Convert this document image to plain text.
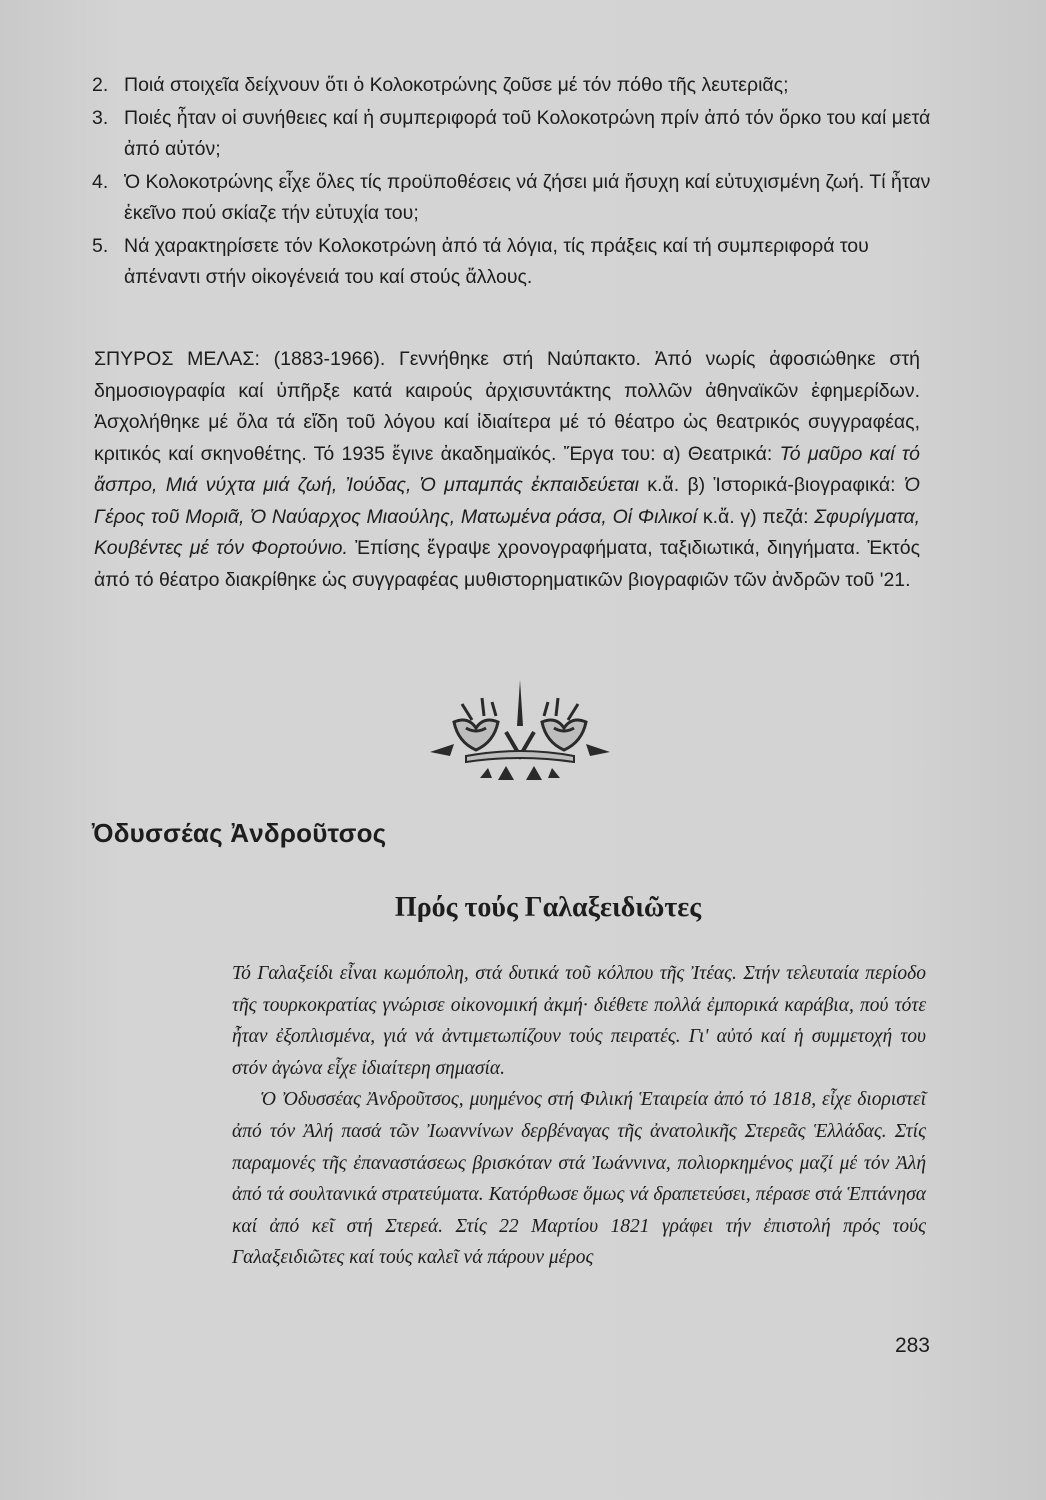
2. Ποιά στοιχεῖα δείχνουν ὅτι ὁ Κολοκοτρώνης ζοῦσε μέ τόν πόθο τῆς λευτεριᾶς;
3. Ποιές ἦταν οἱ συνήθειες καί ἡ συμπεριφορά τοῦ Κολοκοτρώνη πρίν ἀπό τόν ὅρκο του καί μετά ἀπό αὐτόν;
4. Ὁ Κολοκοτρώνης εἶχε ὅλες τίς προϋποθέσεις νά ζήσει μιά ἥσυχη καί εὐτυχισμένη ζωή. Τί ἦταν ἐκεῖνο πού σκίαζε τήν εὐτυχία του;
5. Νά χαρακτηρίσετε τόν Κολοκοτρώνη ἀπό τά λόγια, τίς πράξεις καί τή συμπεριφορά του ἀπέναντι στήν οἰκογένειά του καί στούς ἄλλους.
ΣΠΥΡΟΣ ΜΕΛΑΣ: (1883-1966). Γεννήθηκε στή Ναύπακτο. Ἀπό νωρίς ἀφοσιώθηκε στή δημοσιογραφία καί ὑπῆρξε κατά καιρούς ἀρχισυντάκτης πολλῶν ἀθηναϊκῶν ἐφημερίδων. Ἀσχολήθηκε μέ ὅλα τά εἴδη τοῦ λόγου καί ἰδιαίτερα μέ τό θέατρο ὡς θεατρικός συγγραφέας, κριτικός καί σκηνοθέτης. Τό 1935 ἔγινε ἀκαδημαϊκός. Ἔργα του: α) Θεατρικά: Τό μαῦρο καί τό ἄσπρο, Μιά νύχτα μιά ζωή, Ἰούδας, Ὁ μπαμπάς ἐκπαιδεύεται κ.ἄ. β) Ἱστορικά-βιογραφικά: Ὁ Γέρος τοῦ Μοριᾶ, Ὁ Ναύαρχος Μιαούλης, Ματωμένα ράσα, Οἱ Φιλικοί κ.ἄ. γ) πεζά: Σφυρίγματα, Κουβέντες μέ τόν Φορτούνιο. Ἐπίσης ἔγραψε χρονογραφήματα, ταξιδιωτικά, διηγήματα. Ἐκτός ἀπό τό θέατρο διακρίθηκε ὡς συγγραφέας μυθιστορηματικῶν βιογραφιῶν τῶν ἀνδρῶν τοῦ '21.
Ὀδυσσέας Ἀνδροῦτσος
Πρός τούς Γαλαξειδιῶτες

Τό Γαλαξείδι εἶναι κωμόπολη, στά δυτικά τοῦ κόλπου τῆς Ἰτέας. Στήν τελευταία περίοδο τῆς τουρκοκρατίας γνώρισε οἰκονομική ἀκμή· διέθετε πολλά ἐμπορικά καράβια, πού τότε ἦταν ἐξοπλισμένα, γιά νά ἀντιμετωπίζουν τούς πειρατές. Γι' αὐτό καί ἡ συμμετοχή του στόν ἀγώνα εἶχε ἰδιαίτερη σημασία.

Ὁ Ὀδυσσέας Ἀνδροῦτσος, μυημένος στή Φιλική Ἑταιρεία ἀπό τό 1818, εἶχε διοριστεῖ ἀπό τόν Ἀλή πασά τῶν Ἰωαννίνων δερβέναγας τῆς ἀνατολικῆς Στερεᾶς Ἑλλάδας. Στίς παραμονές τῆς ἐπαναστάσεως βρισκόταν στά Ἰωάννινα, πολιορκημένος μαζί μέ τόν Ἀλή ἀπό τά σουλτανικά στρατεύματα. Κατόρθωσε ὅμως νά δραπετεύσει, πέρασε στά Ἑπτάνησα καί ἀπό κεῖ στή Στερεά. Στίς 22 Μαρτίου 1821 γράφει τήν ἐπιστολή πρός τούς Γαλαξειδιῶτες καί τούς καλεῖ νά πάρουν μέρος

283
